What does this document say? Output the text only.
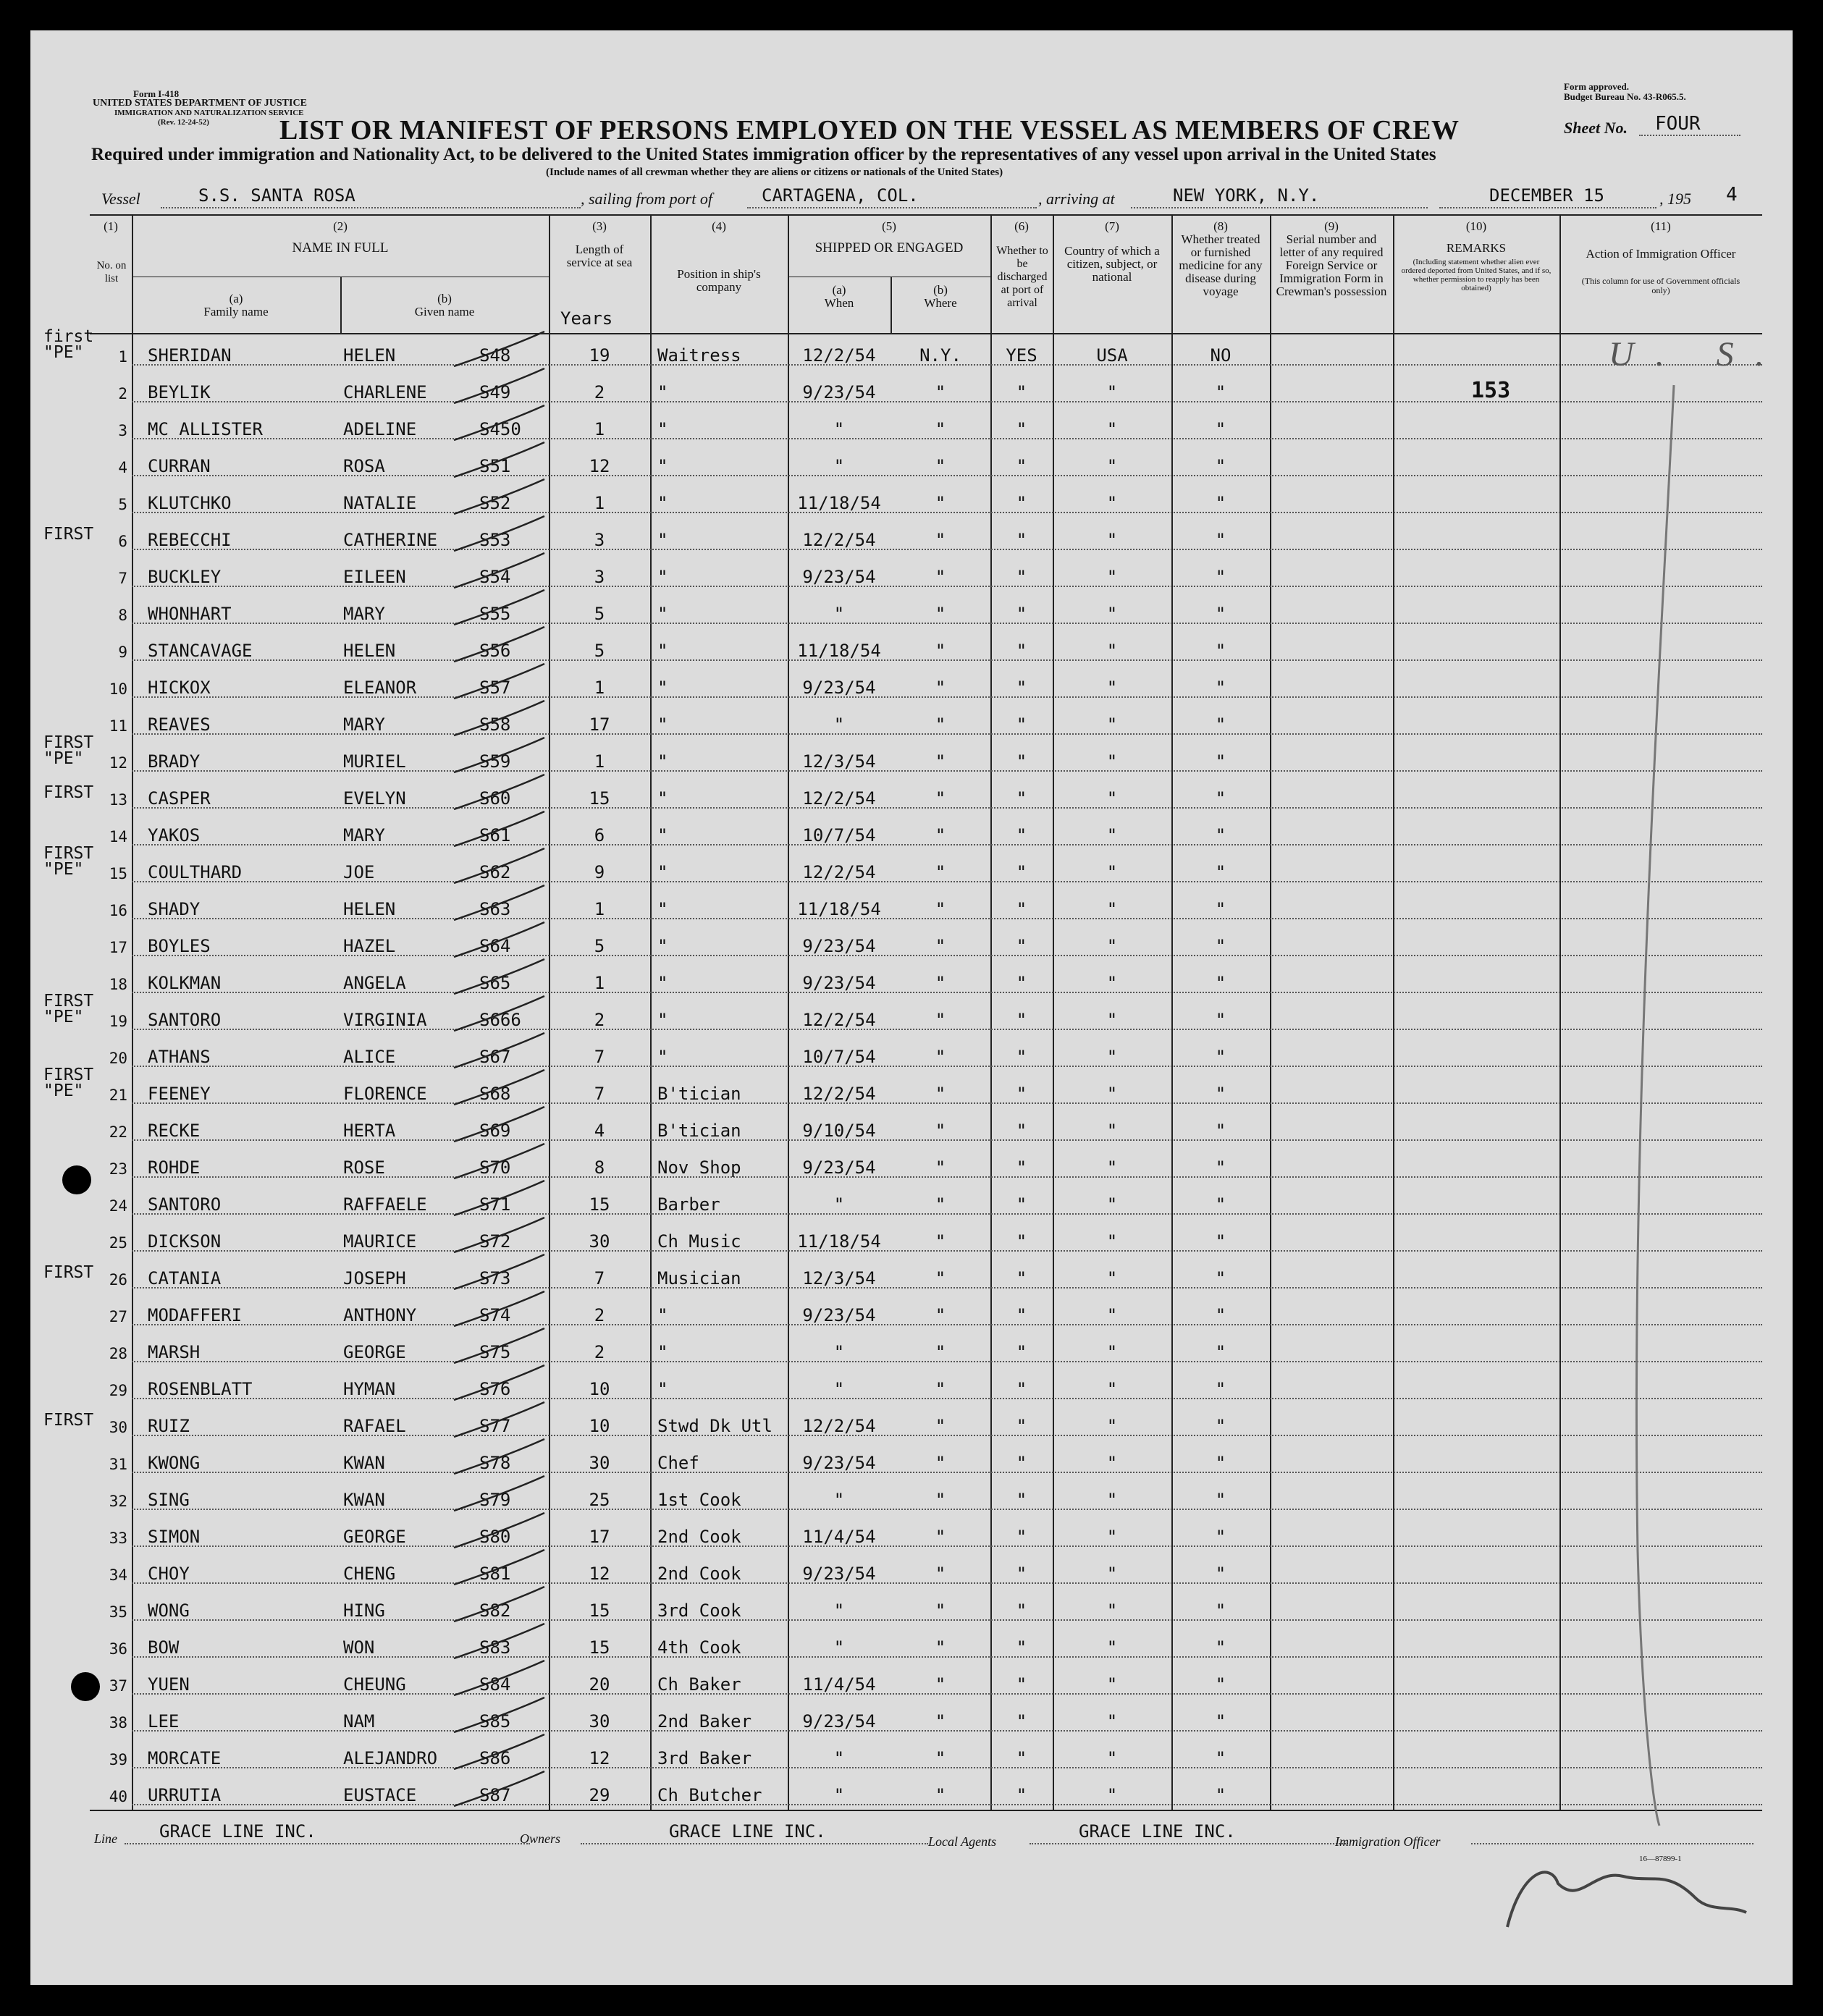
Form I-418
UNITED STATES DEPARTMENT OF JUSTICE
IMMIGRATION AND NATURALIZATION SERVICE
(Rev. 12-24-52)
Form approved.
Budget Bureau No. 43-R065.5.
LIST OR MANIFEST OF PERSONS EMPLOYED ON THE VESSEL AS MEMBERS OF CREW	Sheet No. FOUR
Required under immigration and Nationality Act, to be delivered to the United States immigration officer by the representatives of any vessel upon arrival in the United States
(Include names of all crewman whether they are aliens or citizens or nationals of the United States)
Vessel	S.S. SANTA ROSA	, sailing from port of	CARTAGENA, COL.	, arriving at	NEW YORK, N.Y.	DECEMBER 15	, 195 4
(1)
No. on list
(2)
NAME IN FULL
(a)
Family name
(b)
Given name
(3)
Length of service at sea
Years
(4)
Position in ship's company
(5)
SHIPPED OR ENGAGED
(a)
When
(b)
Where
(6)
Whether to be discharged at port of arrival
(7)
Country of which a citizen, subject, or national
(8)
Whether treated or furnished medicine for any disease during voyage
(9)
Serial number and letter of any required Foreign Service or Immigration Form in Crewman's possession
(10)
REMARKS
(Including statement whether alien ever ordered deported from United States, and if so, whether permission to reapply has been obtained)
(11)
Action of Immigration Officer
(This column for use of Government officials only)
1
first
"PE"	SHERIDAN	HELEN	S48	19	Waitress	12/2/54	N.Y.	YES	USA	NO
2 BEYLIK	CHARLENE	S49	2	"	9/23/54	"	"	"	"
3 MC ALLISTER	ADELINE	S450	1	"	"	"	"	"	"
4 CURRAN	ROSA	S51	12	"	"	"	"	"	"
5 KLUTCHKO	NATALIE	S52	1	"	11/18/54	"	"	"	"
6
FIRST	REBECCHI	CATHERINE	S53	3	"	12/2/54	"	"	"	"
7 BUCKLEY	EILEEN	S54	3	"	9/23/54	"	"	"	"
8 WHONHART	MARY	S55	5	"	"	"	"	"	"
9 STANCAVAGE	HELEN	S56	5	"	11/18/54	"	"	"	"
10 HICKOX	ELEANOR	S57	1	"	9/23/54	"	"	"	"
11 REAVES	MARY	S58	17	"	"	"	"	"	"
12
FIRST
"PE"	BRADY	MURIEL	S59	1	"	12/3/54	"	"	"	"
13
FIRST	CASPER	EVELYN	S60	15	"	12/2/54	"	"	"	"
14 YAKOS	MARY	S61	6	"	10/7/54	"	"	"	"
15
FIRST
"PE"	COULTHARD	JOE	S62	9	"	12/2/54	"	"	"	"
16 SHADY	HELEN	S63	1	"	11/18/54	"	"	"	"
17 BOYLES	HAZEL	S64	5	"	9/23/54	"	"	"	"
18 KOLKMAN	ANGELA	S65	1	"	9/23/54	"	"	"	"
19
FIRST
"PE"	SANTORO	VIRGINIA	S666	2	"	12/2/54	"	"	"	"
20 ATHANS	ALICE	S67	7	"	10/7/54	"	"	"	"
21
FIRST
"PE"	FEENEY	FLORENCE	S68	7	B'tician	12/2/54	"	"	"	"
22 RECKE	HERTA	S69	4	B'tician	9/10/54	"	"	"	"
23 ROHDE	ROSE	S70	8	Nov Shop	9/23/54	"	"	"	"
24 SANTORO	RAFFAELE	S71	15	Barber	"	"	"	"	"
25 DICKSON	MAURICE	S72	30	Ch Music	11/18/54	"	"	"	"
26
FIRST	CATANIA	JOSEPH	S73	7	Musician	12/3/54	"	"	"	"
27 MODAFFERI	ANTHONY	S74	2	"	9/23/54	"	"	"	"
28 MARSH	GEORGE	S75	2	"	"	"	"	"	"
29 ROSENBLATT	HYMAN	S76	10	"	"	"	"	"	"
30
FIRST	RUIZ	RAFAEL	S77	10	Stwd Dk Utl	12/2/54	"	"	"	"
31 KWONG	KWAN	S78	30	Chef	9/23/54	"	"	"	"
32 SING	KWAN	S79	25	1st Cook	"	"	"	"	"
33 SIMON	GEORGE	S80	17	2nd Cook	11/4/54	"	"	"	"
34 CHOY	CHENG	S81	12	2nd Cook	9/23/54	"	"	"	"
35 WONG	HING	S82	15	3rd Cook	"	"	"	"	"
36 BOW	WON	S83	15	4th Cook	"	"	"	"	"
37 YUEN	CHEUNG	S84	20	Ch Baker	11/4/54	"	"	"	"
38 LEE	NAM	S85	30	2nd Baker	9/23/54	"	"	"	"
39 MORCATE	ALEJANDRO	S86	12	3rd Baker	"	"	"	"	"
40 URRUTIA	EUSTACE	S87	29	Ch Butcher	"	"	"	"	"
153
U. S.
Line GRACE LINE INC.	Owners	GRACE LINE INC.	Local Agents	GRACE LINE INC.	Immigration Officer
16—87899-1
